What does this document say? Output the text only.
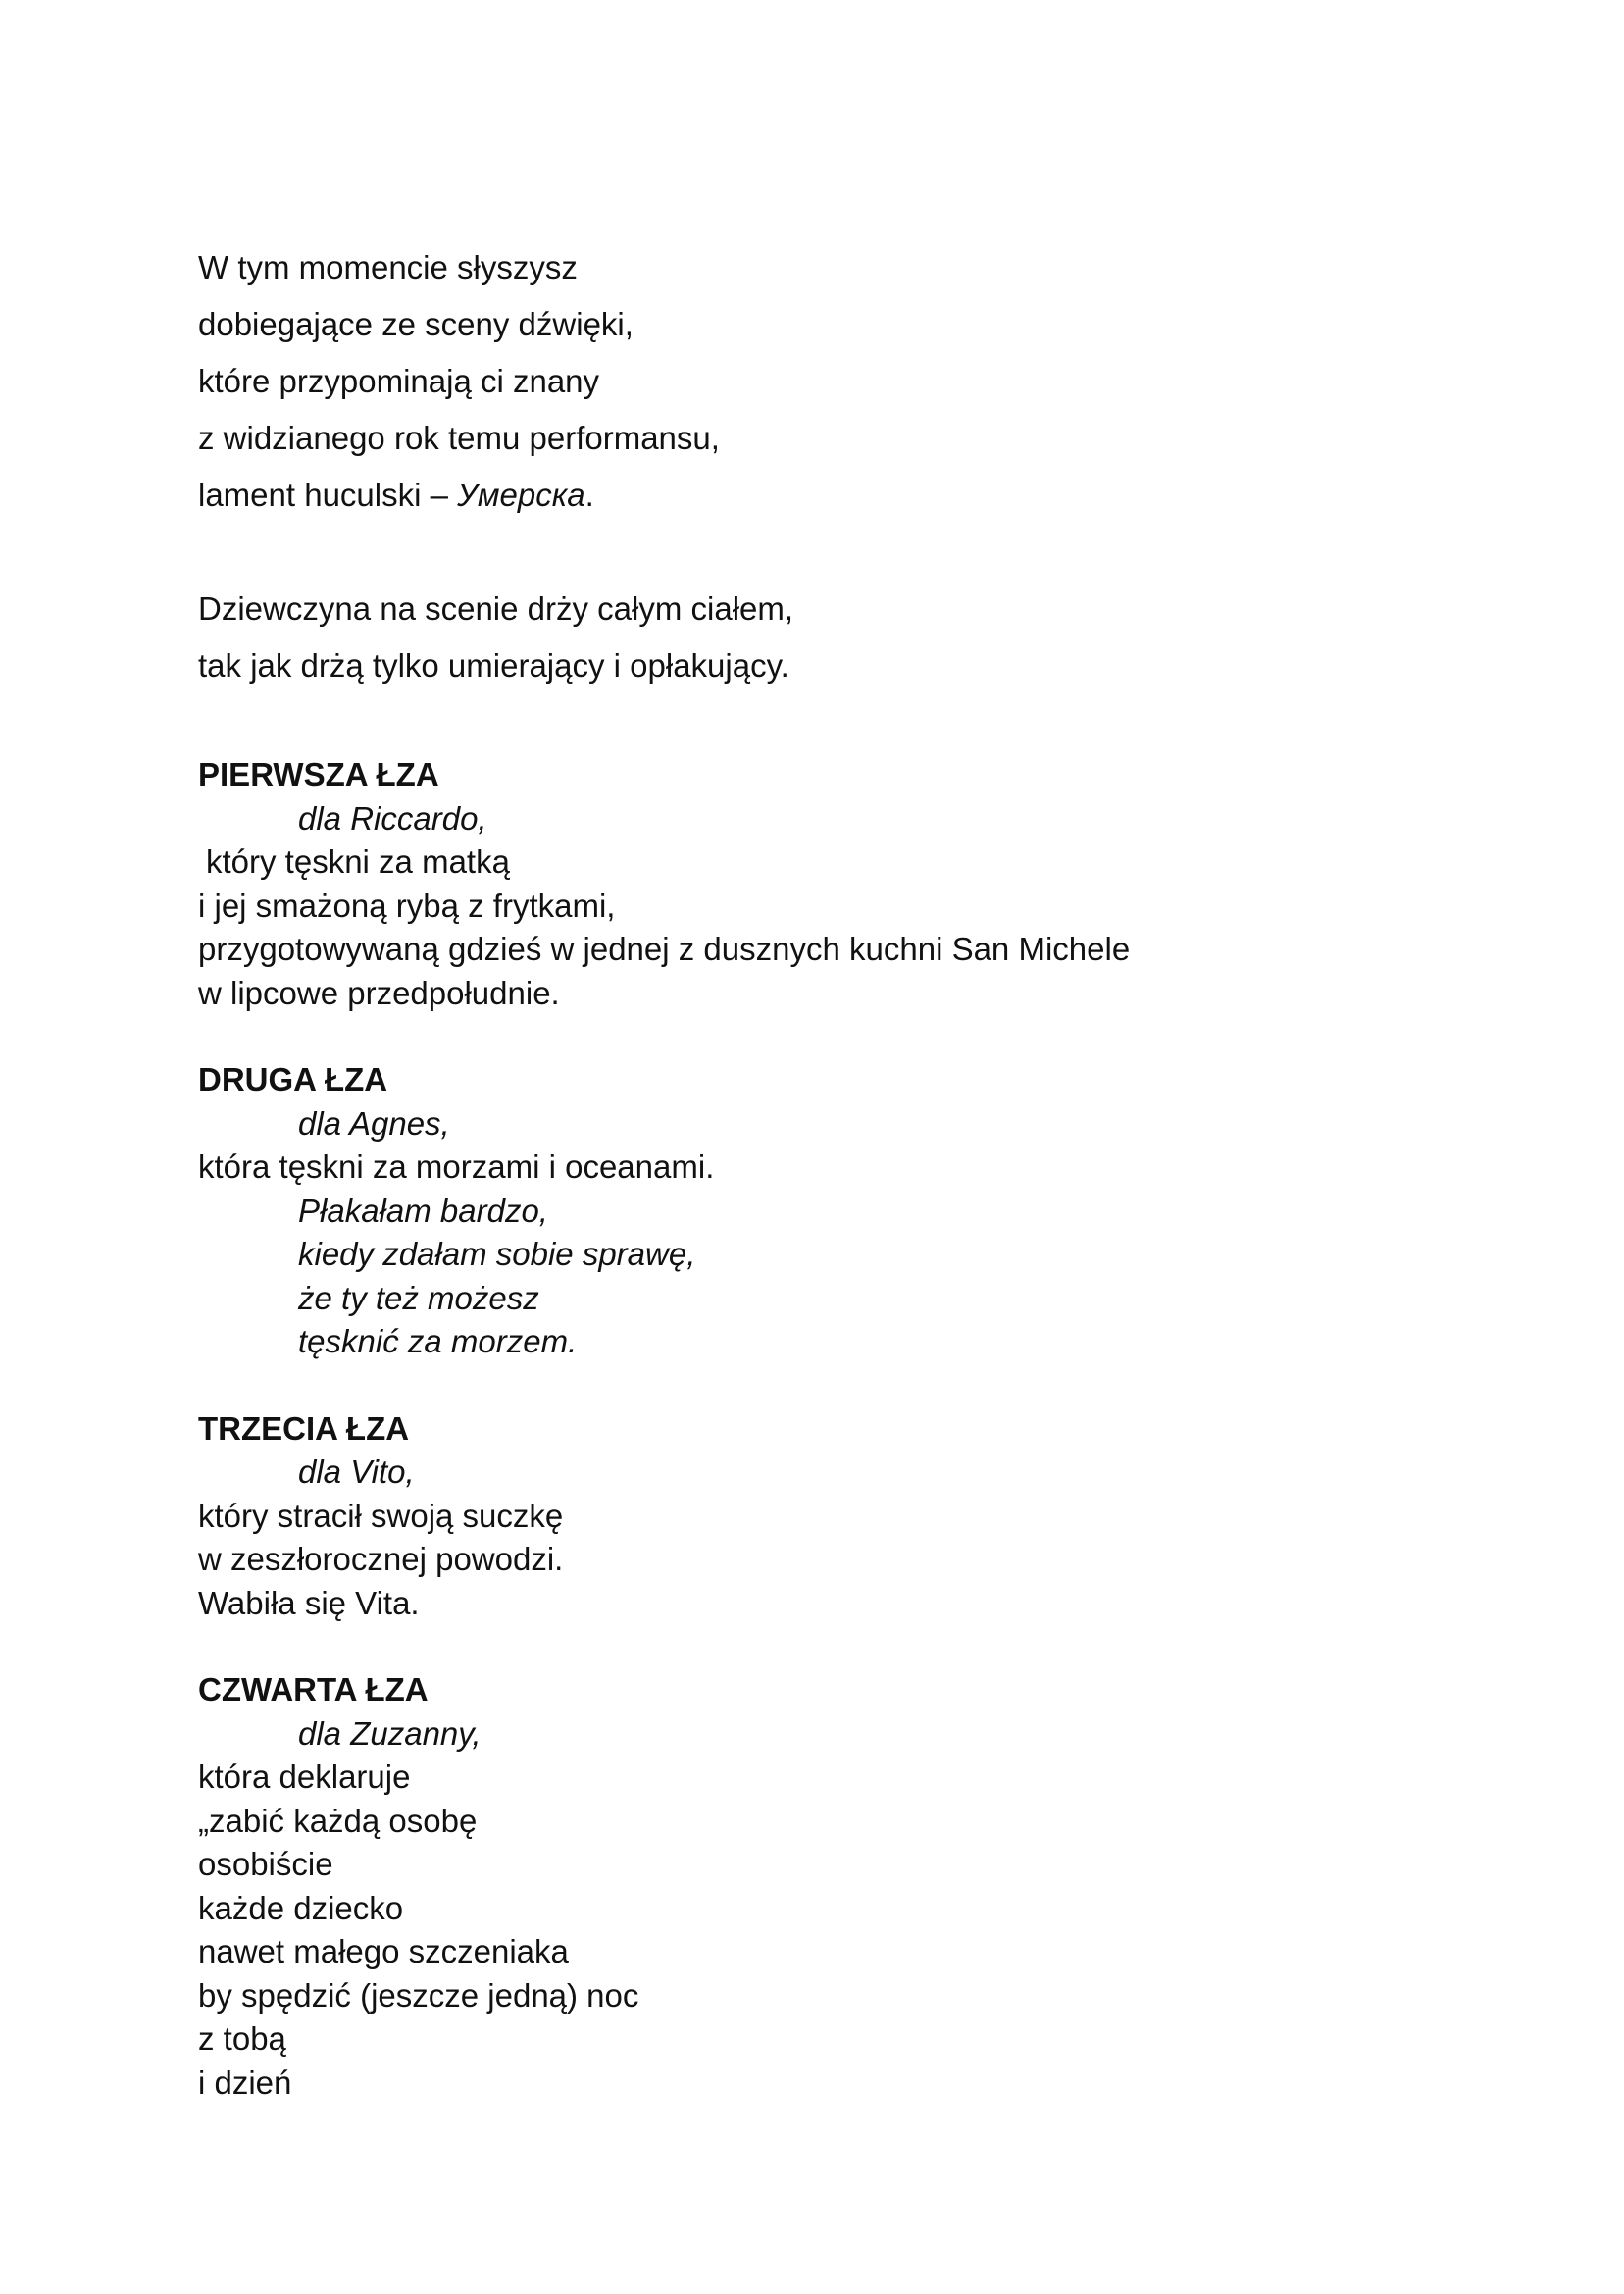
W tym momencie słyszysz
dobiegające ze sceny dźwięki,
które przypominają ci znany
z widzianego rok temu performansu,
lament huculski – Умерска.
Dziewczyna na scenie drży całym ciałem,
tak jak drżą tylko umierający i opłakujący.
PIERWSZA ŁZA
dla Riccardo,
który tęskni za matką
i jej smażoną rybą z frytkami,
przygotowywaną gdzieś w jednej z dusznych kuchni San Michele
w lipcowe przedpołudnie.
DRUGA ŁZA
dla Agnes,
która tęskni za morzami i oceanami.
Płakałam bardzo,
kiedy zdałam sobie sprawę,
że ty też możesz
tęsknić za morzem.
TRZECIA ŁZA
dla Vito,
który stracił swoją suczkę
w zeszłorocznej powodzi.
Wabiła się Vita.
CZWARTA ŁZA
dla Zuzanny,
która deklaruje
„zabić każdą osobę
osobiście
każde dziecko
nawet małego szczeniaka
by spędzić (jeszcze jedną) noc
z tobą
i dzień
